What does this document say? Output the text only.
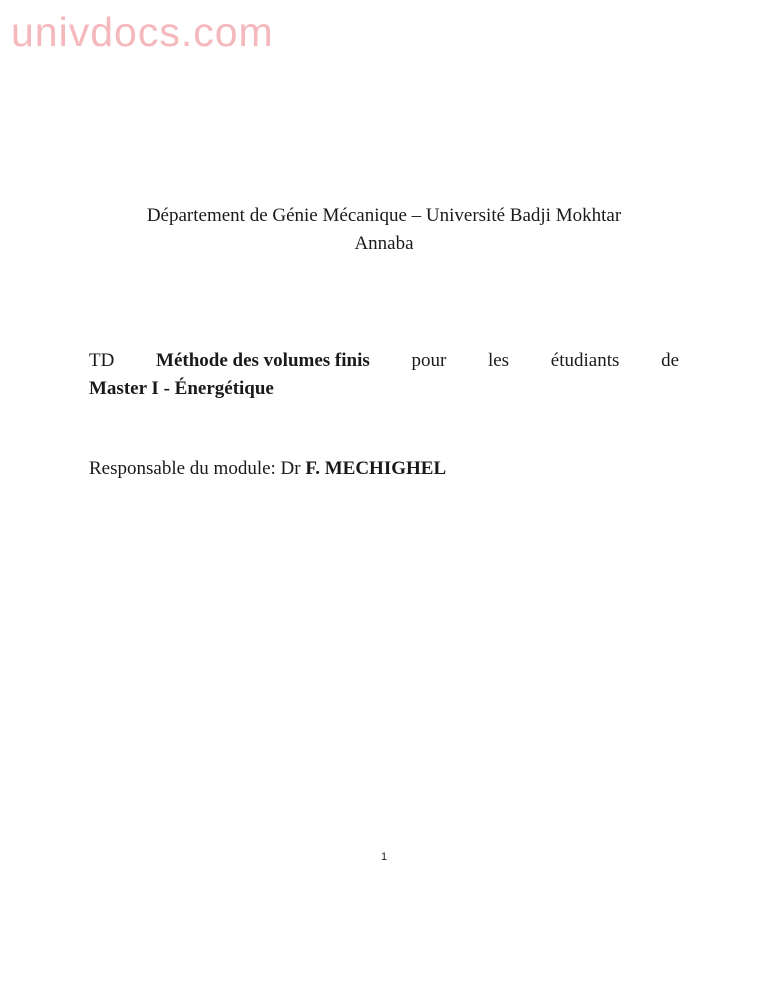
univdocs.com
Département de Génie Mécanique – Université Badji Mokhtar
Annaba
TD Méthode des volumes finis pour les étudiants de
Master I - Énergétique
Responsable du module: Dr F. MECHIGHEL
1
